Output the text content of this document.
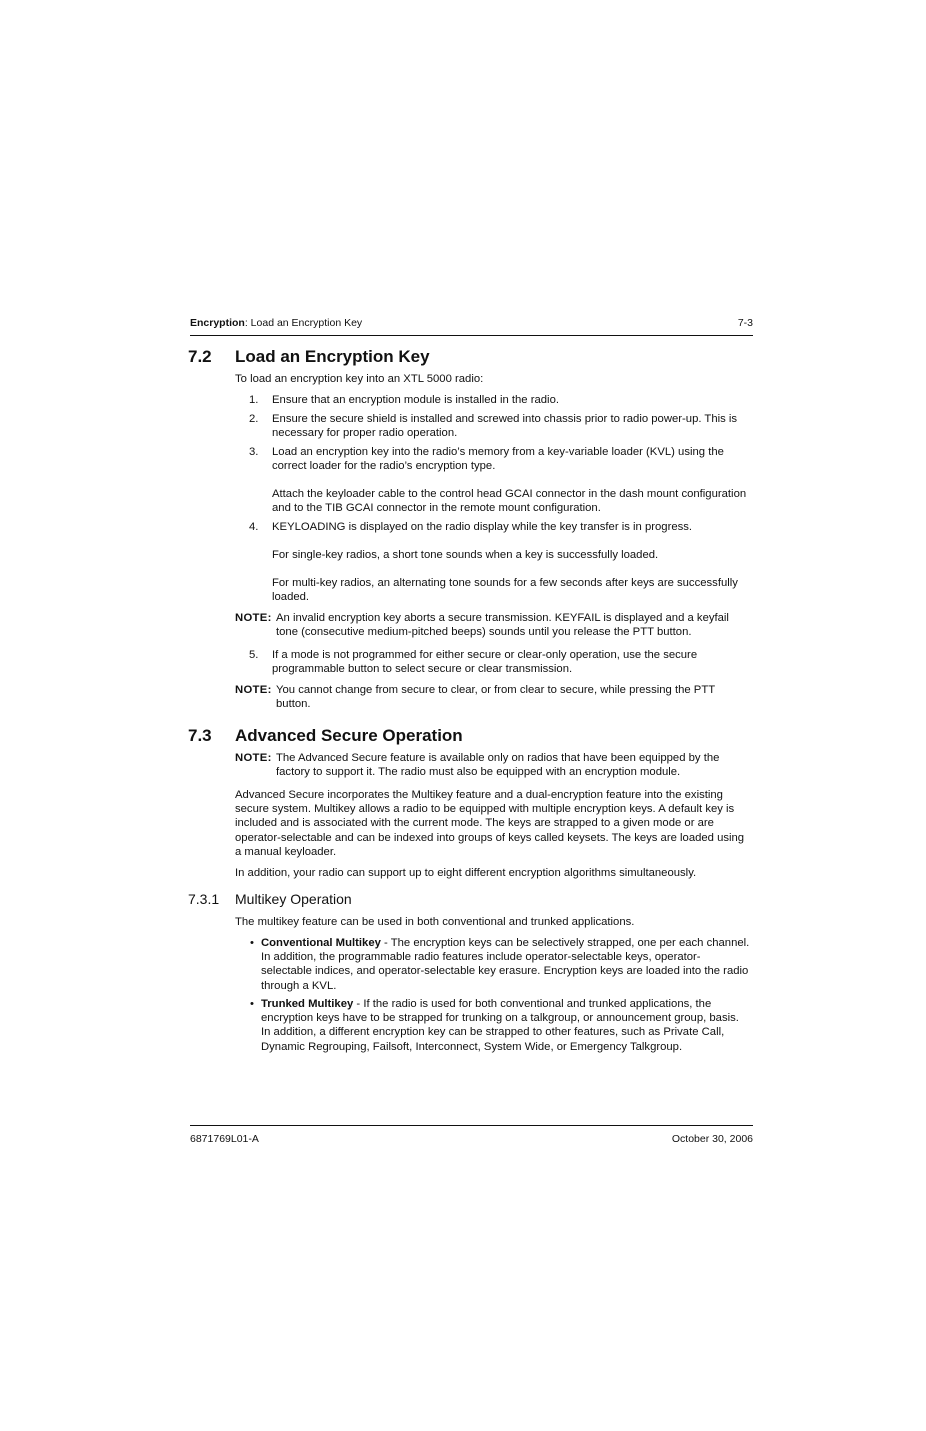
Encryption: Load an Encryption Key	7-3
7.2 Load an Encryption Key
To load an encryption key into an XTL 5000 radio:
1.	Ensure that an encryption module is installed in the radio.
2.	Ensure the secure shield is installed and screwed into chassis prior to radio power-up. This is necessary for proper radio operation.
3.	Load an encryption key into the radio’s memory from a key-variable loader (KVL) using the correct loader for the radio’s encryption type.
Attach the keyloader cable to the control head GCAI connector in the dash mount configuration and to the TIB GCAI connector in the remote mount configuration.
4.	KEYLOADING is displayed on the radio display while the key transfer is in progress.
For single-key radios, a short tone sounds when a key is successfully loaded.
For multi-key radios, an alternating tone sounds for a few seconds after keys are successfully loaded.
NOTE: An invalid encryption key aborts a secure transmission. KEYFAIL is displayed and a keyfail tone (consecutive medium-pitched beeps) sounds until you release the PTT button.
5.	If a mode is not programmed for either secure or clear-only operation, use the secure programmable button to select secure or clear transmission.
NOTE: You cannot change from secure to clear, or from clear to secure, while pressing the PTT button.
7.3 Advanced Secure Operation
NOTE: The Advanced Secure feature is available only on radios that have been equipped by the factory to support it. The radio must also be equipped with an encryption module.
Advanced Secure incorporates the Multikey feature and a dual-encryption feature into the existing secure system. Multikey allows a radio to be equipped with multiple encryption keys. A default key is included and is associated with the current mode. The keys are strapped to a given mode or are operator-selectable and can be indexed into groups of keys called keysets. The keys are loaded using a manual keyloader.
In addition, your radio can support up to eight different encryption algorithms simultaneously.
7.3.1 Multikey Operation
The multikey feature can be used in both conventional and trunked applications.
• Conventional Multikey - The encryption keys can be selectively strapped, one per each channel. In addition, the programmable radio features include operator-selectable keys, operator-selectable indices, and operator-selectable key erasure. Encryption keys are loaded into the radio through a KVL.
• Trunked Multikey - If the radio is used for both conventional and trunked applications, the encryption keys have to be strapped for trunking on a talkgroup, or announcement group, basis. In addition, a different encryption key can be strapped to other features, such as Private Call, Dynamic Regrouping, Failsoft, Interconnect, System Wide, or Emergency Talkgroup.
6871769L01-A	October 30, 2006
